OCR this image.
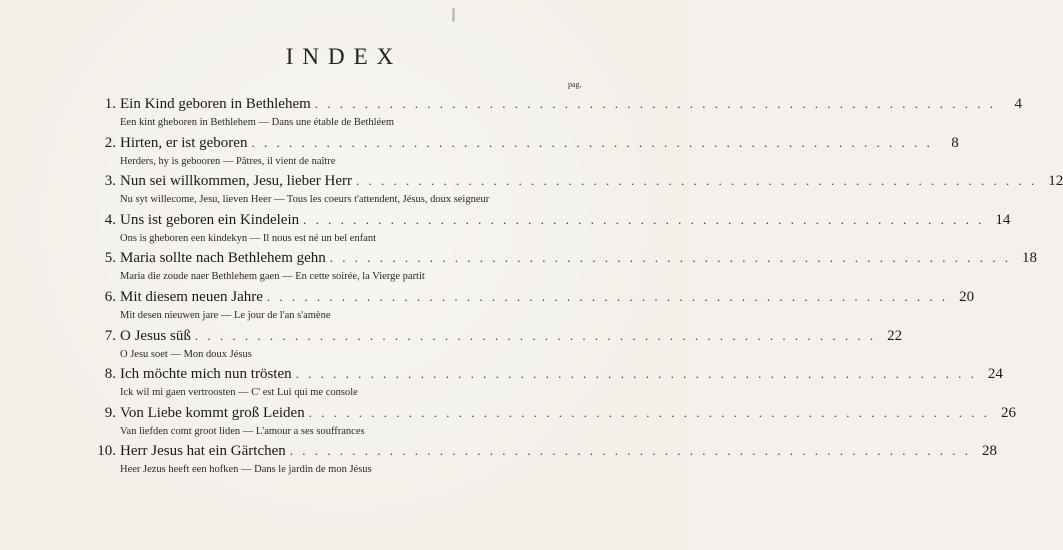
INDEX
pag.
1. Ein Kind geboren in Bethlehem . . . . . . . . . . . . . . . . . . . . . . . . . . . . . . . . . . . . . . . . . . . . . . . . . . . . . . .	4
Een kint gheboren in Bethlehem — Dans une étable de Bethléem
2. Hirten, er ist geboren . . . . . . . . . . . . . . . . . . . . . . . . . . . . . . . . . . . . . . . . . . . . . . . . . . . . . . .	8
Herders, hy is gebooren — Pâtres, il vient de naître
3. Nun sei willkommen, Jesu, lieber Herr . . . . . . . . . . . . . . . . . . . . . . . . . . . . . . . . . . . . . . . . . . . . . . . . . . . . . . . 12
Nu syt willecome, Jesu, lieven Heer — Tous les coeurs t'attendent, Jésus, doux seigneur
4. Uns ist geboren ein Kindelein . . . . . . . . . . . . . . . . . . . . . . . . . . . . . . . . . . . . . . . . . . . . . . . . . . . . . . . 14
Ons is gheboren een kindekyn — Il nous est né un bel enfant
5. Maria sollte nach Bethlehem gehn . . . . . . . . . . . . . . . . . . . . . . . . . . . . . . . . . . . . . . . . . . . . . . . . . . . . . . . 18
Maria die zoude naer Bethlehem gaen — En cette soirée, la Vierge partit
6. Mit diesem neuen Jahre . . . . . . . . . . . . . . . . . . . . . . . . . . . . . . . . . . . . . . . . . . . . . . . . . . . . . . . 20
Mit desen nieuwen jare — Le jour de l'an s'amène
7. O Jesus süß . . . . . . . . . . . . . . . . . . . . . . . . . . . . . . . . . . . . . . . . . . . . . . . . . . . . . . . 22
O Jesu soet — Mon doux Jésus
8. Ich möchte mich nun trösten . . . . . . . . . . . . . . . . . . . . . . . . . . . . . . . . . . . . . . . . . . . . . . . . . . . . . . . 24
Ick wil mi gaen vertroosten — C' est Lui qui me console
9. Von Liebe kommt groß Leiden . . . . . . . . . . . . . . . . . . . . . . . . . . . . . . . . . . . . . . . . . . . . . . . . . . . . . . . 26
Van liefden comt groot liden — L'amour a ses souffrances
10. Herr Jesus hat ein Gärtchen . . . . . . . . . . . . . . . . . . . . . . . . . . . . . . . . . . . . . . . . . . . . . . . . . . . . . . . 28
Heer Jezus heeft een hofken — Dans le jardin de mon Jésus
